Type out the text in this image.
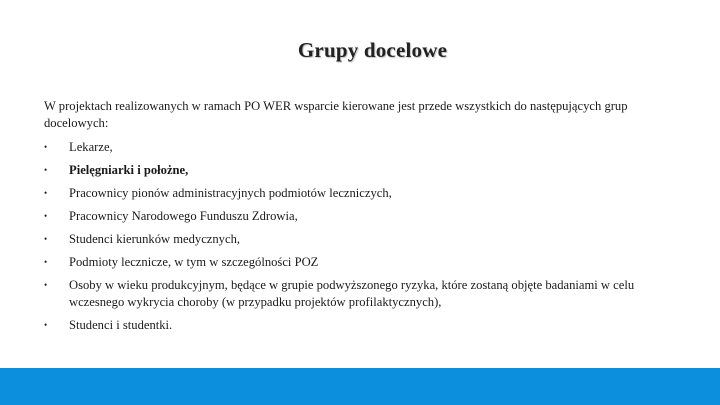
Grupy docelowe

W projektach realizowanych w ramach PO WER wsparcie kierowane jest przede wszystkich do następujących grup docelowych:

• Lekarze,
• Pielęgniarki i położne,
• Pracownicy pionów administracyjnych podmiotów leczniczych,
• Pracownicy Narodowego Funduszu Zdrowia,
• Studenci kierunków medycznych,
• Podmioty lecznicze, w tym w szczególności POZ
• Osoby w wieku produkcyjnym, będące w grupie podwyższonego ryzyka, które zostaną objęte badaniami w celu wczesnego wykrycia choroby (w przypadku projektów profilaktycznych),
• Studenci i studentki.
